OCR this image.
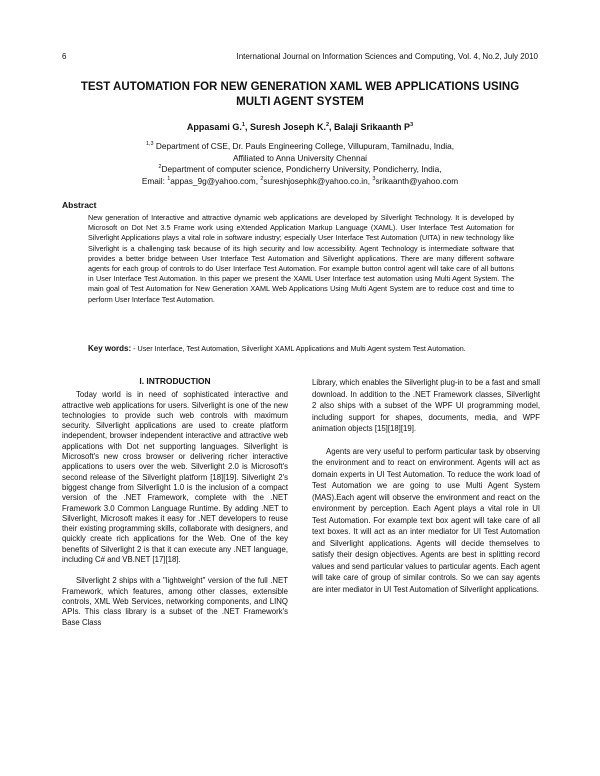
6	International Journal on Information Sciences and Computing, Vol. 4, No.2, July 2010
TEST AUTOMATION FOR NEW GENERATION XAML WEB APPLICATIONS USING
MULTI AGENT SYSTEM
Appasami G.$^1$, Suresh Joseph K.$^2$, Balaji Srikaanth $P^3$
$^{1,3}$ Department of CSE, Dr. Pauls Engineering College, Villupuram, Tamilnadu, India,
Affiliated to Anna University Chennai
$^2$Department of computer science, Pondicherry University, Pondicherry, India,
Email: $^1$appas_9g@yahoo.com, $^2$sureshjosephk@yahoo.co.in, $^3$srikaanth@yahoo.com
Abstract
New generation of Interactive and attractive dynamic web applications are developed by Silverlight Technology. It is developed by Microsoft on Dot Net 3.5 Frame work using eXtended Application Markup Language (XAML). User Interface Test Automation for Silverlight Applications plays a vital role in software industry; especially User Interface Test Automation (UITA) in new technology like Silverlight is a challenging task because of its high security and low accessibility. Agent Technology is intermediate software that provides a better bridge between User Interface Test Automation and Silverlight applications. There are many different software agents for each group of controls to do User Interface Test Automation. For example button control agent will take care of all buttons in User Interface Test Automation. In this paper we present the XAML User Interface test automation using Multi Agent System. The main goal of Test Automation for New Generation XAML Web Applications Using Multi Agent System are to reduce cost and time to perform User Interface Test Automation.
Key words: - User Interface, Test Automation, Silverlight XAML Applications and Multi Agent system Test Automation.
I. INTRODUCTION

Today world is in need of sophisticated interactive and attractive web applications for users. Silverlight is one of the new technologies to provide such web controls with maximum security. Silverlight applications are used to create platform independent, browser independent interactive and attractive web applications with Dot net supporting languages. Silverlight is Microsoft's new cross browser or delivering richer interactive applications to users over the web. Silverlight 2.0 is Microsoft's second release of the Silverlight platform [18][19]. Silverlight 2's biggest change from Silverlight 1.0 is the inclusion of a compact version of the .NET Framework, complete with the .NET Framework 3.0 Common Language Runtime. By adding .NET to Silverlight, Microsoft makes it easy for .NET developers to reuse their existing programming skills, collaborate with designers, and quickly create rich applications for the Web. One of the key benefits of Silverlight 2 is that it can execute any .NET language, including C# and VB.NET [17][18].

Silverlight 2 ships with a "lightweight" version of the full .NET Framework, which features, among other classes, extensible controls, XML Web Services, networking components, and LINQ APIs. This class library is a subset of the .NET Framework's Base Class

Library, which enables the Silverlight plug-in to be a fast and small download. In addition to the .NET Framework classes, Silverlight 2 also ships with a subset of the WPF UI programming model, including support for shapes, documents, media, and WPF animation objects [15][18][19].

Agents are very useful to perform particular task by observing the environment and to react on environment. Agents will act as domain experts in UI Test Automation. To reduce the work load of Test Automation we are going to use Multi Agent System (MAS).Each agent will observe the environment and react on the environment by perception. Each Agent plays a vital role in UI Test Automation. For example text box agent will take care of all text boxes. It will act as an inter mediator for UI Test Automation and Silverlight applications. Agents will decide themselves to satisfy their design objectives. Agents are best in splitting record values and send particular values to particular agents. Each agent will take care of group of similar controls. So we can say agents are inter mediator in UI Test Automation of Silverlight applications.
